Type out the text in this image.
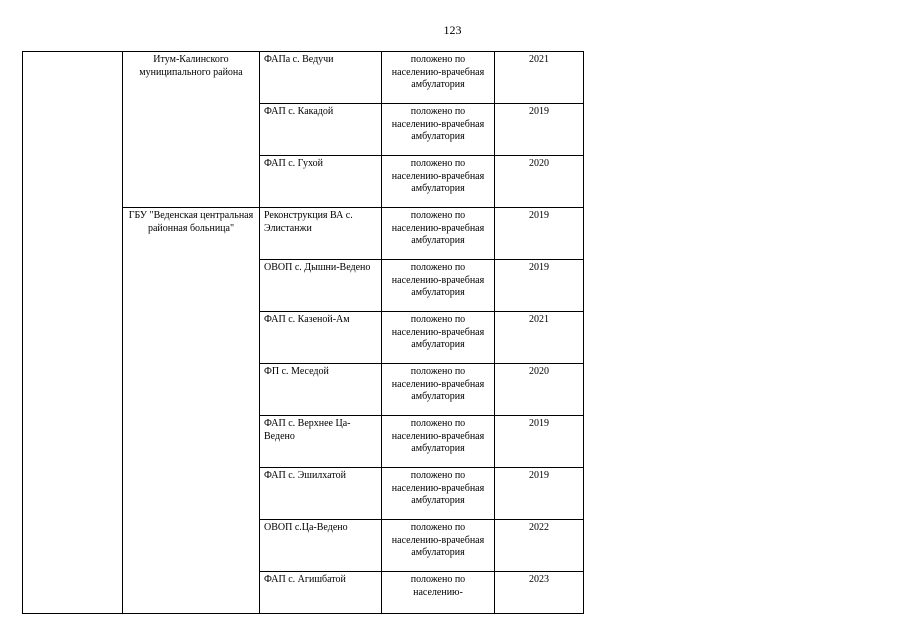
123
	Итум-Калинского муниципального района	ФАПа с. Ведучи	положено по населению-врачебная амбулатория	2021
		ФАП с. Какадой	положено по населению-врачебная амбулатория	2019
		ФАП с. Гухой	положено по населению-врачебная амбулатория	2020
	ГБУ "Веденская центральная районная больница"	Реконструкция ВА с. Элистанжи	положено по населению-врачебная амбулатория	2019
		ОВОП с. Дышни-Ведено	положено по населению-врачебная амбулатория	2019
		ФАП с. Казеной-Ам	положено по населению-врачебная амбулатория	2021
		ФП с. Меседой	положено по населению-врачебная амбулатория	2020
		ФАП с. Верхнее Ца-Ведено	положено по населению-врачебная амбулатория	2019
		ФАП с. Эшилхатой	положено по населению-врачебная амбулатория	2019
		ОВОП с.Ца-Ведено	положено по населению-врачебная амбулатория	2022
		ФАП с. Агишбатой	положено по населению-	2023
